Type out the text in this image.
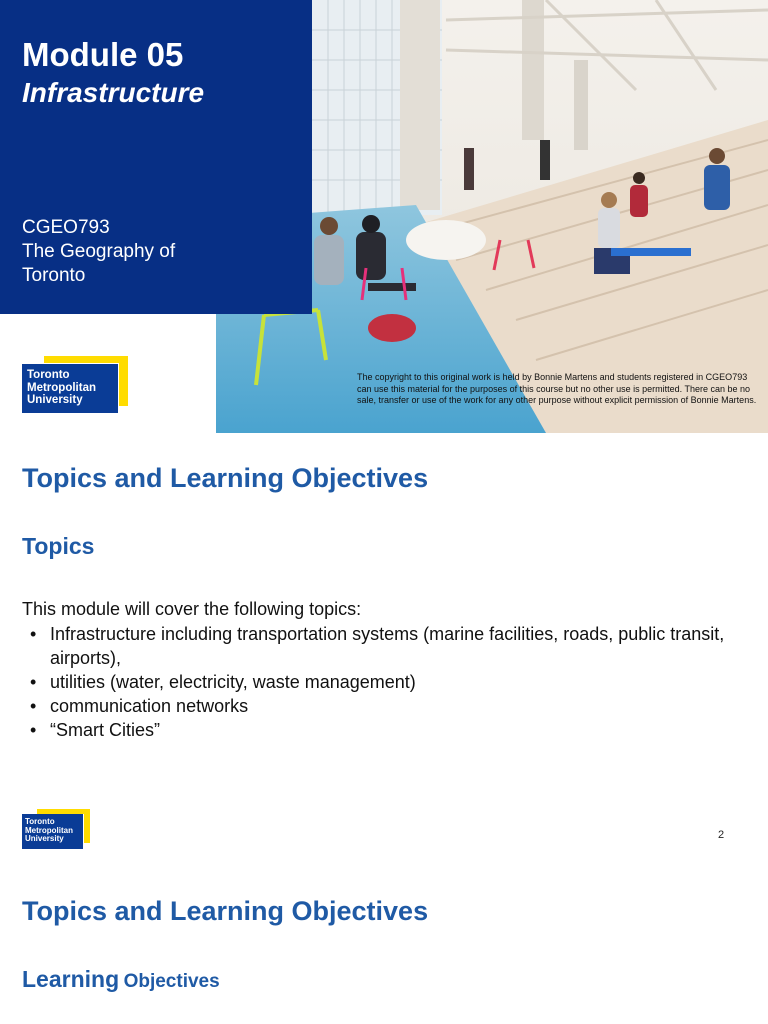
Module 05
Infrastructure
CGEO793
The Geography of
Toronto
Toronto
Metropolitan
University
The copyright to this original work is held by Bonnie Martens and students registered in CGEO793 can use this material for the purposes of this course but no other use is permitted. There can be no sale, transfer or use of the work for any other purpose without explicit permission of Bonnie Martens.
Topics and Learning Objectives
Topics
This module will cover the following topics:
• Infrastructure including transportation systems (marine facilities, roads, public transit, airports),
• utilities (water, electricity, waste management)
• communication networks
• “Smart Cities”
Toronto
Metropolitan
University	2
Topics and Learning Objectives
Learning Objectives
